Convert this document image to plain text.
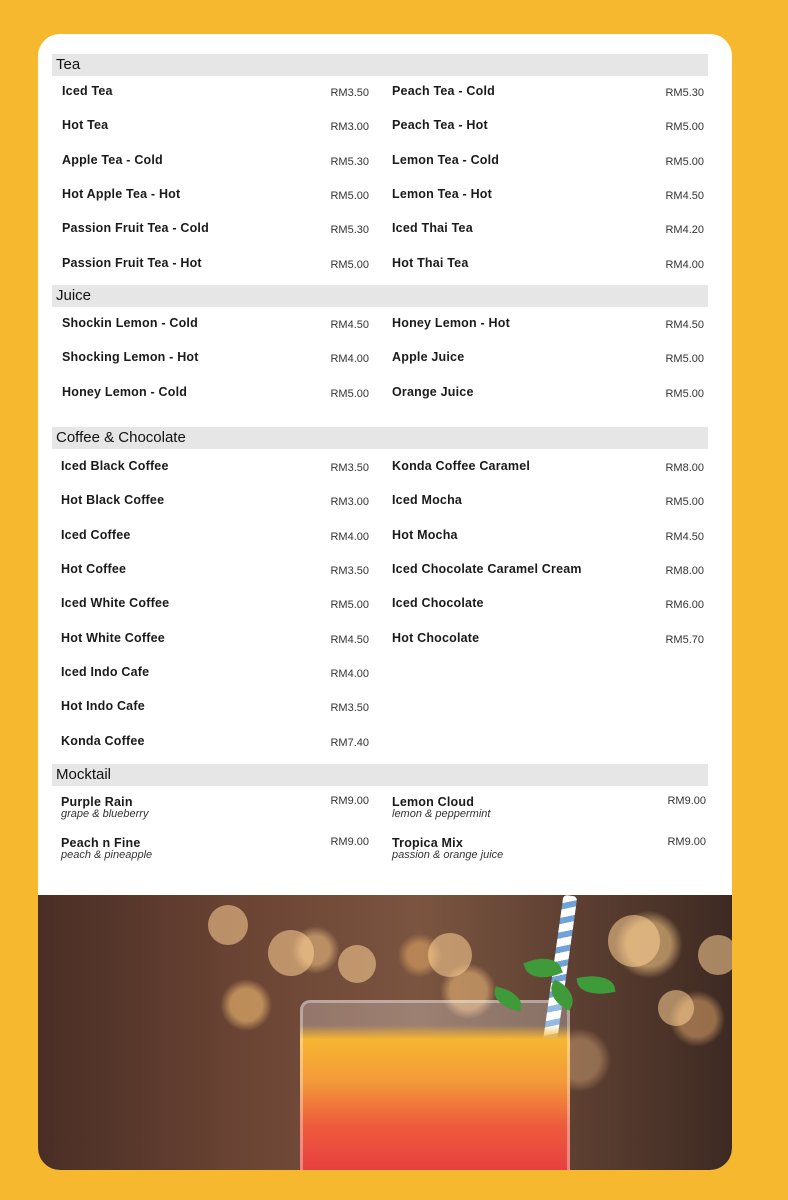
Tea
Iced Tea	RM3.50
Hot Tea	RM3.00
Apple Tea - Cold	RM5.30
Hot Apple Tea - Hot	RM5.00
Passion Fruit Tea - Cold	RM5.30
Passion Fruit Tea - Hot	RM5.00
Peach Tea - Cold	RM5.30
Peach Tea - Hot	RM5.00
Lemon Tea - Cold	RM5.00
Lemon Tea - Hot	RM4.50
Iced Thai Tea	RM4.20
Hot Thai Tea	RM4.00
Juice
Shockin Lemon - Cold	RM4.50
Shocking Lemon - Hot	RM4.00
Honey Lemon - Cold	RM5.00
Honey Lemon - Hot	RM4.50
Apple Juice	RM5.00
Orange Juice	RM5.00
Coffee & Chocolate
Iced Black Coffee	RM3.50
Hot Black Coffee	RM3.00
Iced Coffee	RM4.00
Hot Coffee	RM3.50
Iced White Coffee	RM5.00
Hot White Coffee	RM4.50
Iced Indo Cafe	RM4.00
Hot Indo Cafe	RM3.50
Konda Coffee	RM7.40
Konda Coffee Caramel	RM8.00
Iced Mocha	RM5.00
Hot Mocha	RM4.50
Iced Chocolate Caramel Cream	RM8.00
Iced Chocolate	RM6.00
Hot Chocolate	RM5.70
Mocktail
Purple Rain
grape & blueberry
RM9.00
Peach n Fine
peach & pineapple
RM9.00
Lemon Cloud
lemon & peppermint
RM9.00
Tropica Mix
passion & orange juice
RM9.00
